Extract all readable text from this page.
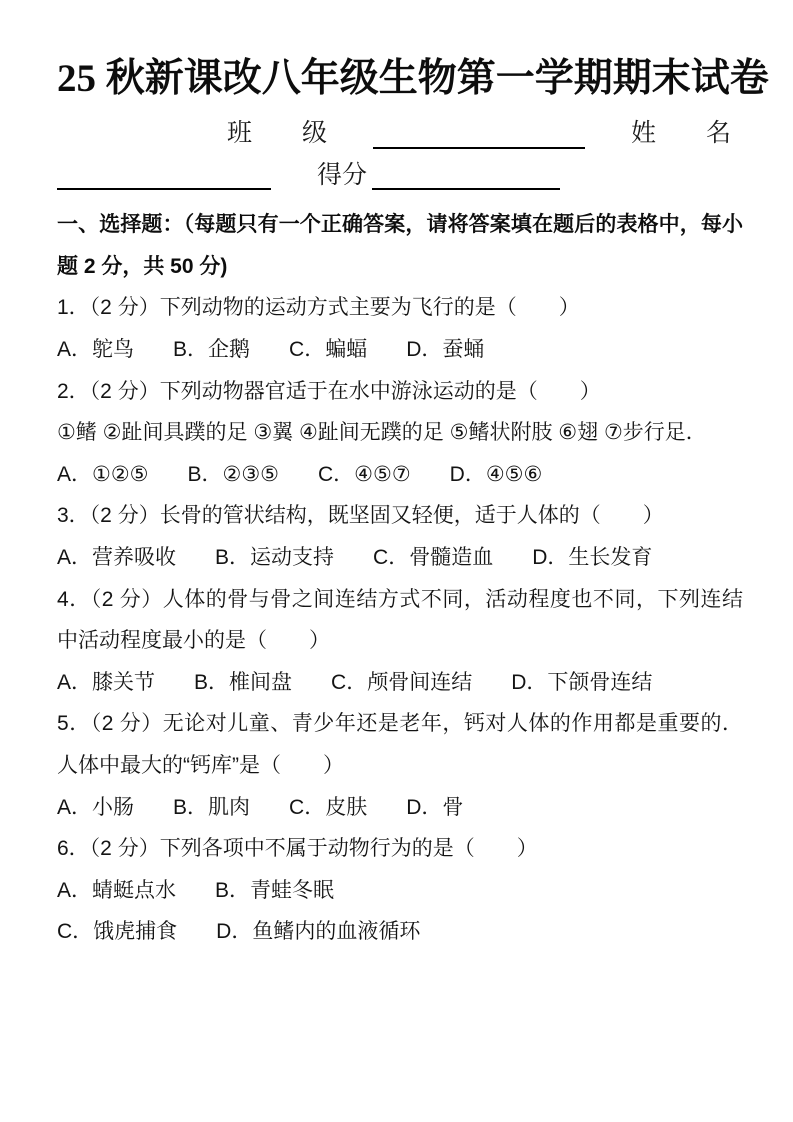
25 秋新课改八年级生物第一学期期末试卷
班　　级	姓　　名
得分

一、选择题：（每题只有一个正确答案，请将答案填在题后的表格中，每小题 2 分，共 50 分)

1．（2 分）下列动物的运动方式主要为飞行的是（　　）

A．鸵鸟 B．企鹅 C．蝙蝠 D．蚕蛹

2．（2 分）下列动物器官适于在水中游泳运动的是（　　）

①鳍 ②趾间具蹼的足 ③翼 ④趾间无蹼的足 ⑤鳍状附肢 ⑥翅 ⑦步行足．

A．①②⑤ B．②③⑤ C．④⑤⑦ D．④⑤⑥

3．（2 分）长骨的管状结构，既坚固又轻便，适于人体的（　　）

A．营养吸收 B．运动支持 C．骨髓造血 D．生长发育

4．（2 分）人体的骨与骨之间连结方式不同，活动程度也不同，下列连结中活动程度最小的是（　　）

A．膝关节 B．椎间盘 C．颅骨间连结 D．下颌骨连结

5．（2 分）无论对儿童、青少年还是老年，钙对人体的作用都是重要的．人体中最大的“钙库”是（　　）

A．小肠 B．肌肉 C．皮肤 D．骨

6．（2 分）下列各项中不属于动物行为的是（　　）

A．蜻蜓点水 B．青蛙冬眠
C．饿虎捕食 D．鱼鳍内的血液循环
